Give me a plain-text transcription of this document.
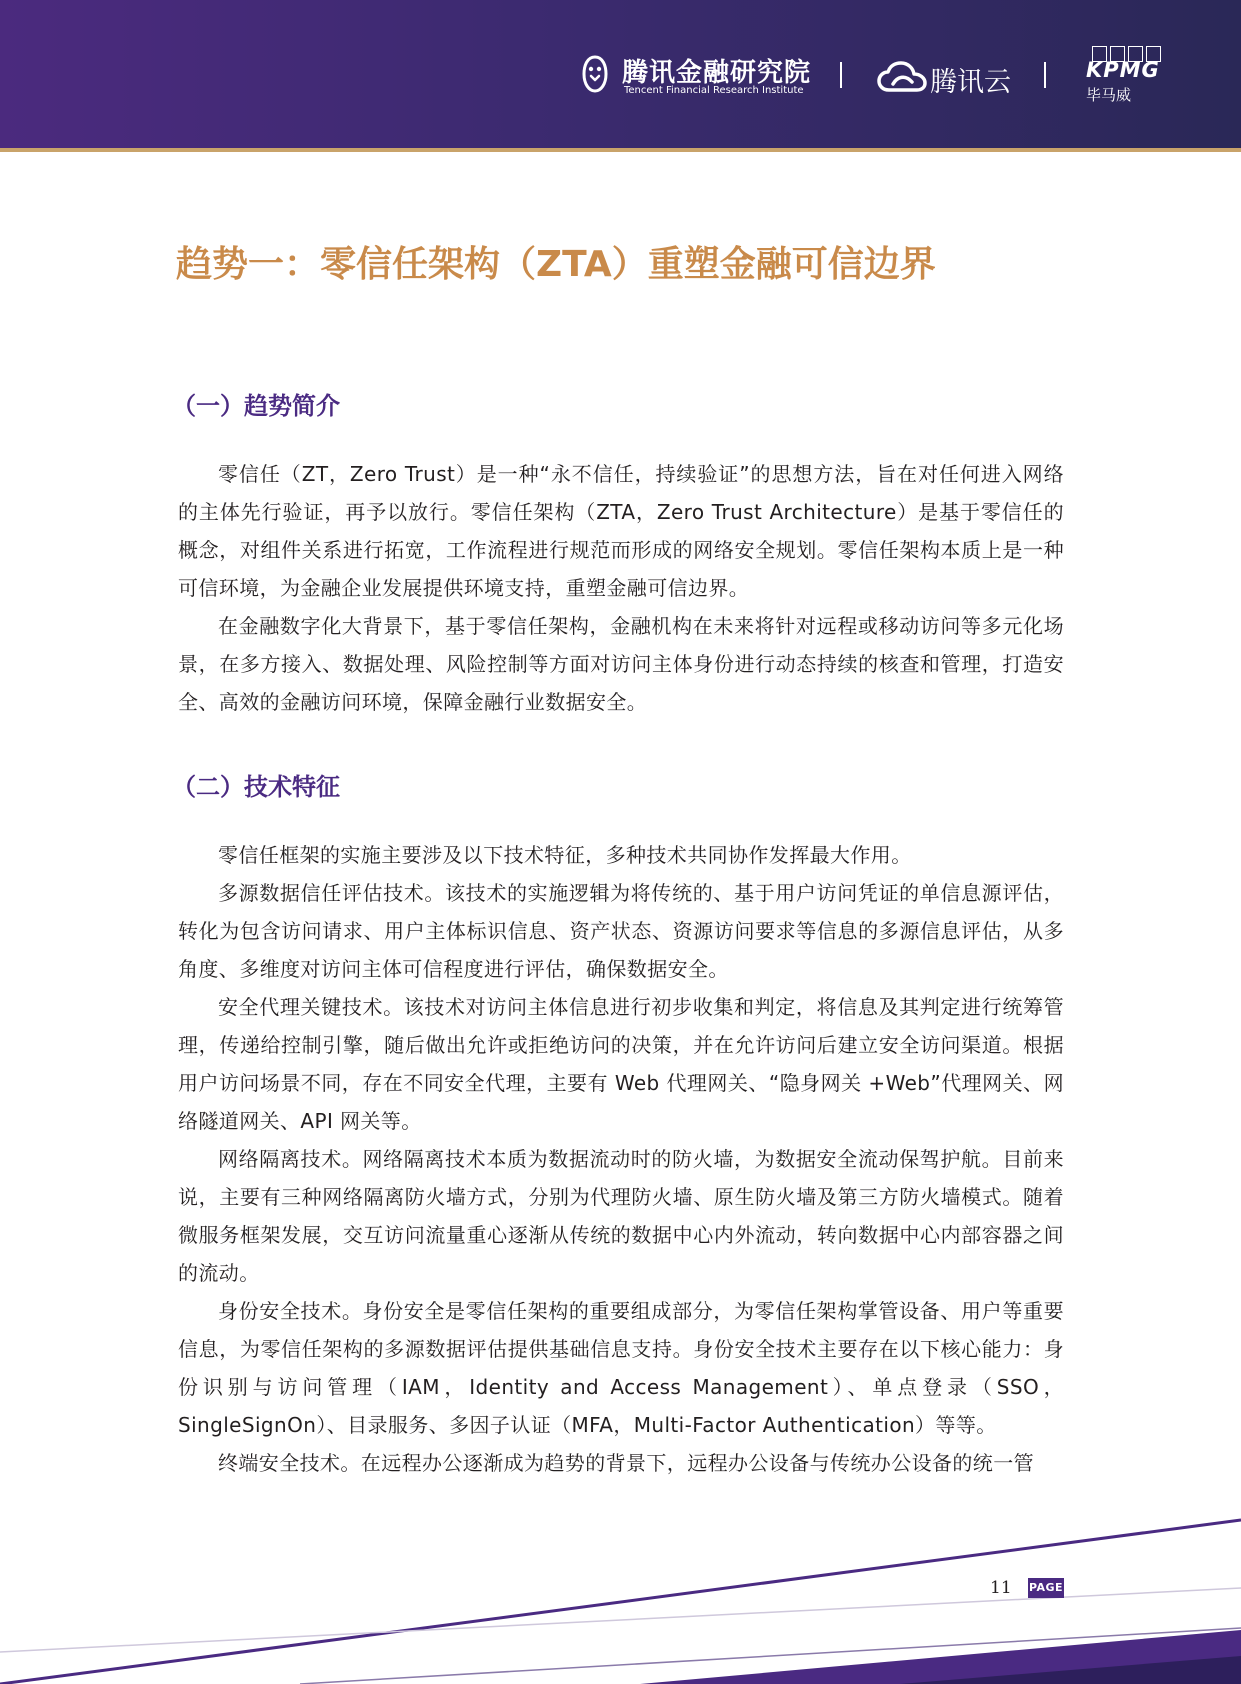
腾讯金融研究院
Tencent Financial Research Institute	腾讯云	KPMG
毕马威
趋势一：零信任架构（ZTA）重塑金融可信边界
（一）趋势简介

零信任（ZT，Zero Trust）是一种“永不信任，持续验证”的思想方法，旨在对任何进入网络的主体先行验证，再予以放行。零信任架构（ZTA，Zero Trust Architecture）是基于零信任的概念，对组件关系进行拓宽，工作流程进行规范而形成的网络安全规划。零信任架构本质上是一种可信环境，为金融企业发展提供环境支持，重塑金融可信边界。

在金融数字化大背景下，基于零信任架构，金融机构在未来将针对远程或移动访问等多元化场景，在多方接入、数据处理、风险控制等方面对访问主体身份进行动态持续的核查和管理，打造安全、高效的金融访问环境，保障金融行业数据安全。

（二）技术特征

零信任框架的实施主要涉及以下技术特征，多种技术共同协作发挥最大作用。

多源数据信任评估技术。该技术的实施逻辑为将传统的、基于用户访问凭证的单信息源评估，转化为包含访问请求、用户主体标识信息、资产状态、资源访问要求等信息的多源信息评估，从多角度、多维度对访问主体可信程度进行评估，确保数据安全。

安全代理关键技术。该技术对访问主体信息进行初步收集和判定，将信息及其判定进行统筹管理，传递给控制引擎，随后做出允许或拒绝访问的决策，并在允许访问后建立安全访问渠道。根据用户访问场景不同，存在不同安全代理，主要有 Web 代理网关、“隐身网关 +Web”代理网关、网络隧道网关、API 网关等。

网络隔离技术。网络隔离技术本质为数据流动时的防火墙，为数据安全流动保驾护航。目前来说，主要有三种网络隔离防火墙方式，分别为代理防火墙、原生防火墙及第三方防火墙模式。随着微服务框架发展，交互访问流量重心逐渐从传统的数据中心内外流动，转向数据中心内部容器之间的流动。

身份安全技术。身份安全是零信任架构的重要组成部分，为零信任架构掌管设备、用户等重要信息，为零信任架构的多源数据评估提供基础信息支持。身份安全技术主要存在以下核心能力：身份识别与访问管理（IAM，Identity and Access Management）、单点登录（SSO，SingleSignOn）、目录服务、多因子认证（MFA，Multi-Factor Authentication）等等。

终端安全技术。在远程办公逐渐成为趋势的背景下，远程办公设备与传统办公设备的统一管

11 PAGE
